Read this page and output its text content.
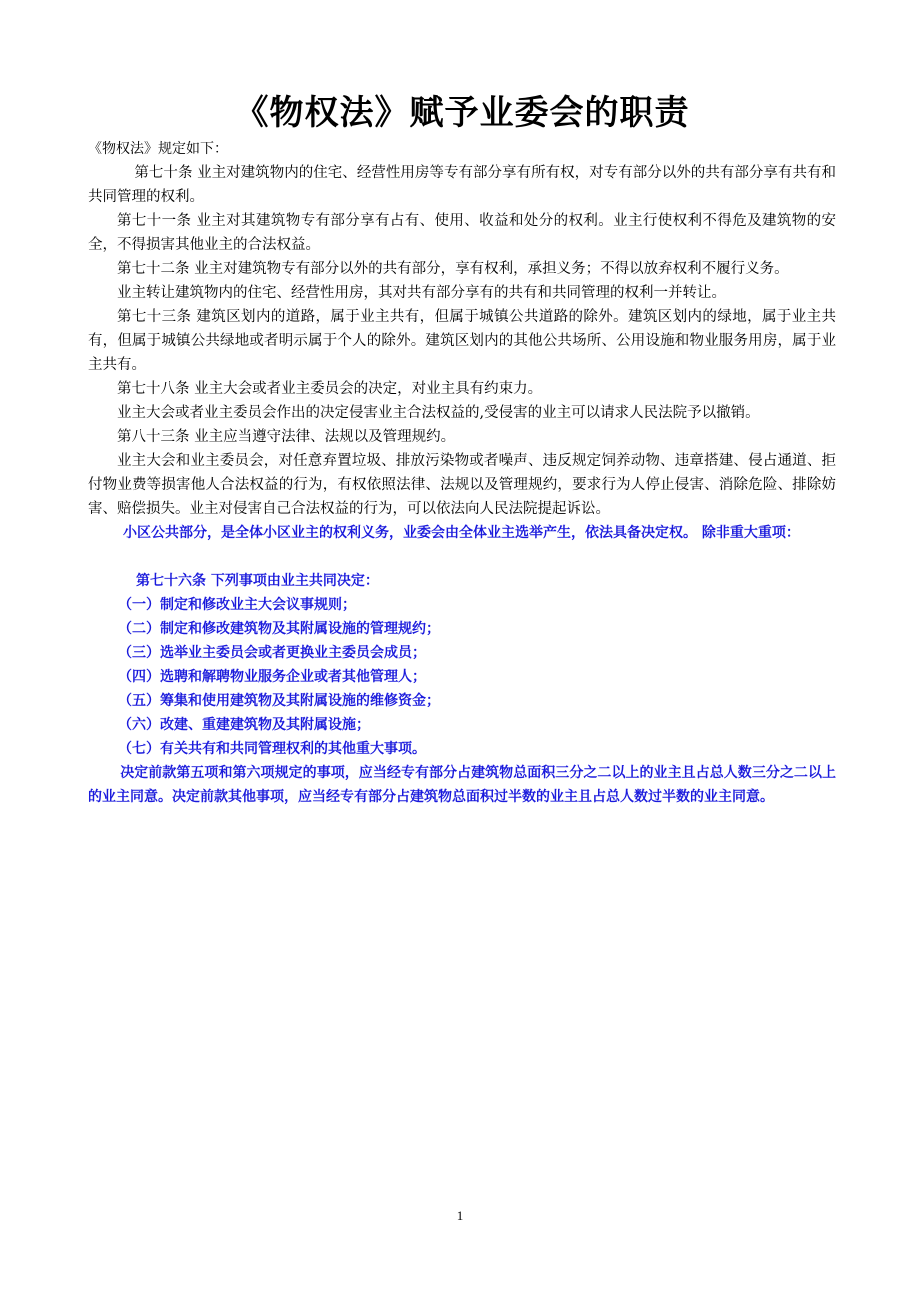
《物权法》赋予业委会的职责

《物权法》规定如下：

第七十条 业主对建筑物内的住宅、经营性用房等专有部分享有所有权，对专有部分以外的共有部分享有共有和共同管理的权利。

第七十一条 业主对其建筑物专有部分享有占有、使用、收益和处分的权利。业主行使权利不得危及建筑物的安全，不得损害其他业主的合法权益。

第七十二条 业主对建筑物专有部分以外的共有部分，享有权利，承担义务；不得以放弃权利不履行义务。

业主转让建筑物内的住宅、经营性用房，其对共有部分享有的共有和共同管理的权利一并转让。

第七十三条 建筑区划内的道路，属于业主共有，但属于城镇公共道路的除外。建筑区划内的绿地，属于业主共有，但属于城镇公共绿地或者明示属于个人的除外。建筑区划内的其他公共场所、公用设施和物业服务用房，属于业主共有。

第七十八条 业主大会或者业主委员会的决定，对业主具有约束力。

业主大会或者业主委员会作出的决定侵害业主合法权益的,受侵害的业主可以请求人民法院予以撤销。

第八十三条 业主应当遵守法律、法规以及管理规约。

业主大会和业主委员会，对任意弃置垃圾、排放污染物或者噪声、违反规定饲养动物、违章搭建、侵占通道、拒付物业费等损害他人合法权益的行为，有权依照法律、法规以及管理规约，要求行为人停止侵害、消除危险、排除妨害、赔偿损失。业主对侵害自己合法权益的行为，可以依法向人民法院提起诉讼。

小区公共部分，是全体小区业主的权利义务，业委会由全体业主选举产生，依法具备决定权。 除非重大重项：

第七十六条 下列事项由业主共同决定：

（一）制定和修改业主大会议事规则；

（二）制定和修改建筑物及其附属设施的管理规约；

（三）选举业主委员会或者更换业主委员会成员；

（四）选聘和解聘物业服务企业或者其他管理人；

（五）筹集和使用建筑物及其附属设施的维修资金；

（六）改建、重建建筑物及其附属设施；

（七）有关共有和共同管理权利的其他重大事项。

决定前款第五项和第六项规定的事项，应当经专有部分占建筑物总面积三分之二以上的业主且占总人数三分之二以上的业主同意。决定前款其他事项，应当经专有部分占建筑物总面积过半数的业主且占总人数过半数的业主同意。

1
